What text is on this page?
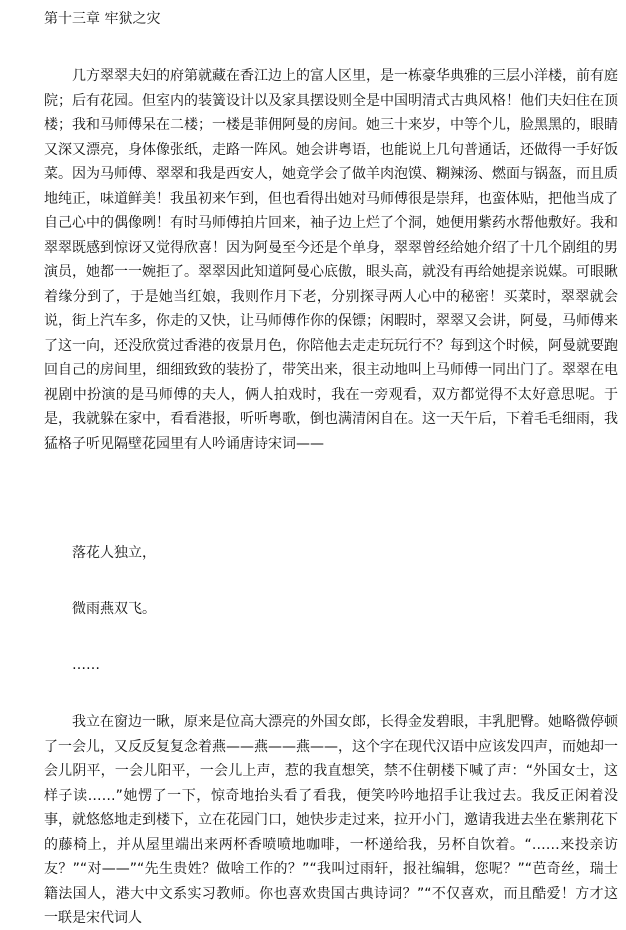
第十三章 牢狱之灾

　　几方翠翠夫妇的府第就藏在香江边上的富人区里，是一栋豪华典雅的三层小洋楼，前有庭院；后有花园。但室内的装簧设计以及家具摆设则全是中国明清式古典风格！他们夫妇住在顶楼；我和马师傅呆在二楼；一楼是菲佣阿曼的房间。她三十来岁，中等个儿，脸黑黑的，眼睛又深又漂亮，身体像张纸，走路一阵风。她会讲粤语，也能说上几句普通话，还做得一手好饭菜。因为马师傅、翠翠和我是西安人，她竟学会了做羊肉泡馍、糊辣汤、燃面与锅盔，而且质地纯正，味道鲜美！我虽初来乍到，但也看得出她对马师傅很是崇拜，也蛮体贴，把他当成了自己心中的偶像咧！有时马师傅拍片回来，袖子边上烂了个洞，她便用紫药水帮他敷好。我和翠翠既感到惊讶又觉得欣喜！因为阿曼至今还是个单身，翠翠曾经给她介绍了十几个剧组的男演员，她都一一婉拒了。翠翠因此知道阿曼心底傲，眼头高，就没有再给她提亲说媒。可眼瞅着缘分到了，于是她当红娘，我则作月下老，分别探寻两人心中的秘密！买菜时，翠翠就会说，街上汽车多，你走的又快，让马师傅作你的保镖；闲暇时，翠翠又会讲，阿曼，马师傅来了这一向，还没欣赏过香港的夜景月色，你陪他去走走玩玩行不？每到这个时候，阿曼就要跑回自己的房间里，细细致致的装扮了，带笑出来，很主动地叫上马师傅一同出门了。翠翠在电视剧中扮演的是马师傅的夫人，俩人拍戏时，我在一旁观看，双方都觉得不太好意思呢。于是，我就躲在家中，看看港报，听听粤歌，倒也满清闲自在。这一天午后，下着毛毛细雨，我猛格子听见隔壁花园里有人吟诵唐诗宋词——

　　落花人独立，

　　微雨燕双飞。

　　……

　　我立在窗边一瞅，原来是位高大漂亮的外国女郎，长得金发碧眼，丰乳肥臀。她略微停顿了一会儿，又反反复复念着燕——燕——燕——，这个字在现代汉语中应该发四声，而她却一会儿阴平，一会儿阳平，一会儿上声，惹的我直想笑，禁不住朝楼下喊了声：“外国女士，这样子读……”她愣了一下，惊奇地抬头看了看我，便笑吟吟地招手让我过去。我反正闲着没事，就悠悠地走到楼下，立在花园门口，她快步走过来，拉开小门，邀请我进去坐在紫荆花下的藤椅上，并从屋里端出来两杯香喷喷地咖啡，一杯递给我，另杯自饮着。“……来投亲访友？”“对——”“先生贵姓？做啥工作的？”“我叫过雨轩，报社编辑，您呢？”“芭奇丝，瑞士籍法国人，港大中文系实习教师。你也喜欢贵国古典诗词？”“不仅喜欢，而且酷爱！方才这一联是宋代词人
